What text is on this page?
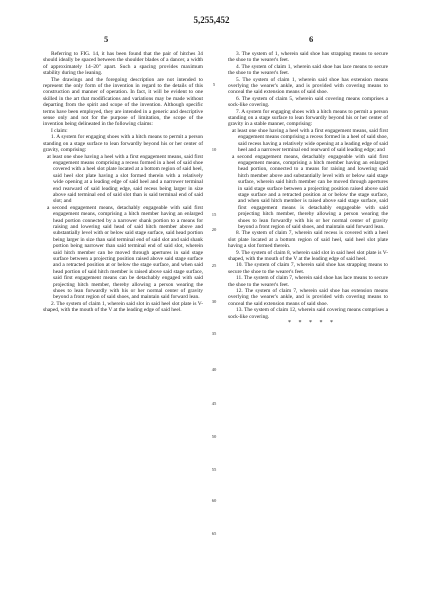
5,255,452
5	6

Referring to FIG. 14, it has been found that the pair of hitches 34 should ideally be spaced between the shoulder blades of a dancer, a width of approximately 14–20" apart. Such a spacing provides maximum stability during the leaning.

The drawings and the foregoing description are not intended to represent the only form of the invention in regard to the details of this construction and manner of operation. In fact, it will be evident to one skilled in the art that modifications and variations may be made without departing from the spirit and scope of the invention. Although specific terms have been employed, they are intended in a generic and descriptive sense only and not for the purpose of limitation, the scope of the invention being delineated in the following claims:

I claim:

1. A system for engaging shoes with a hitch means to permit a person standing on a stage surface to lean forwardly beyond his or her center of gravity, comprising:

at least one shoe having a heel with a first engagement means, said first engagement means comprising a recess formed in a heel of said shoe covered with a heel slot plate located at a bottom region of said heel, said heel slot plate having a slot formed therein with a relatively wide opening at a leading edge of said heel and a narrower terminal end rearward of said leading edge, said recess being larger in size above said terminal end of said slot than is said terminal end of said slot; and

a second engagement means, detachably engageable with said first engagement means, comprising a hitch member having an enlarged head portion connected by a narrower shank portion to a means for raising and lowering said head of said hitch member above and substantially level with or below said stage surface, said head portion being larger in size than said terminal end of said slot and said shank portion being narrower than said terminal end of said slot, wherein said hitch member can be moved through apertures in said stage surface between a projecting position raised above said stage surface and a retracted position at or below the stage surface, and when said head portion of said hitch member is raised above said stage surface, said first engagement means can be detachably engaged with said projecting hitch member, thereby allowing a person wearing the shoes to lean forwardly with his or her normal center of gravity beyond a front region of said shoes, and maintain said forward lean.

2. The system of claim 1, wherein said slot in said heel slot plate is V-shaped, with the mouth of the V at the leading edge of said heel.

3. The system of 1, wherein said shoe has strapping means to secure the shoe to the wearer's feet.

4. The system of claim 1, wherein said shoe has lace means to secure the shoe to the wearer's feet.

5. The system of claim 1, wherein said shoe has extension means overlying the wearer's ankle, and is provided with covering means to conceal the said extension means of said shoe.

6. The system of claim 5, wherein said covering means comprises a sock-like covering.

7. A system for engaging shoes with a hitch means to permit a person standing on a stage surface to lean forwardly beyond his or her center of gravity in a stable manner, comprising:

at least one shoe having a heel with a first engagement means, said first engagement means comprising a recess formed in a heel of said shoe, said recess having a relatively wide opening at a leading edge of said heel and a narrower terminal end rearward of said leading edge; and

a second engagement means, detachably engageable with said first engagement means, comprising a hitch member having an enlarged head portion, connected to a means for raising and lowering said hitch member above and substantially level with or below said stage surface, wherein said hitch member can be moved through apertures in said stage surface between a projecting position raised above said stage surface and a retracted position at or below the stage surface, and when said hitch member is raised above said stage surface, said first engagement means is detachably engageable with said projecting hitch member, thereby allowing a person wearing the shoes to lean forwardly with his or her normal center of gravity beyond a front region of said shoes, and maintain said forward lean.

8. The system of claim 7, wherein said recess is covered with a heel slot plate located at a bottom region of said heel, said heel slot plate having a slot formed therein.

9. The system of claim 8, wherein said slot in said heel slot plate is V-shaped, with the mouth of the V at the leading edge of said heel.

10. The system of claim 7, wherein said shoe has strapping means to secure the shoe to the wearer's feet.

11. The system of claim 7, wherein said shoe has lace means to secure the shoe to the wearer's feet.

12. The system of claim 7, wherein said shoe has extension means overlying the wearer's ankle, and is provided with covering means to conceal the said extension means of said shoe.

13. The system of claim 12, wherein said covering means comprises a sock-like covering.

* * * * *

5
10
15
20
25
30
35
40
45
50
55
60
65
